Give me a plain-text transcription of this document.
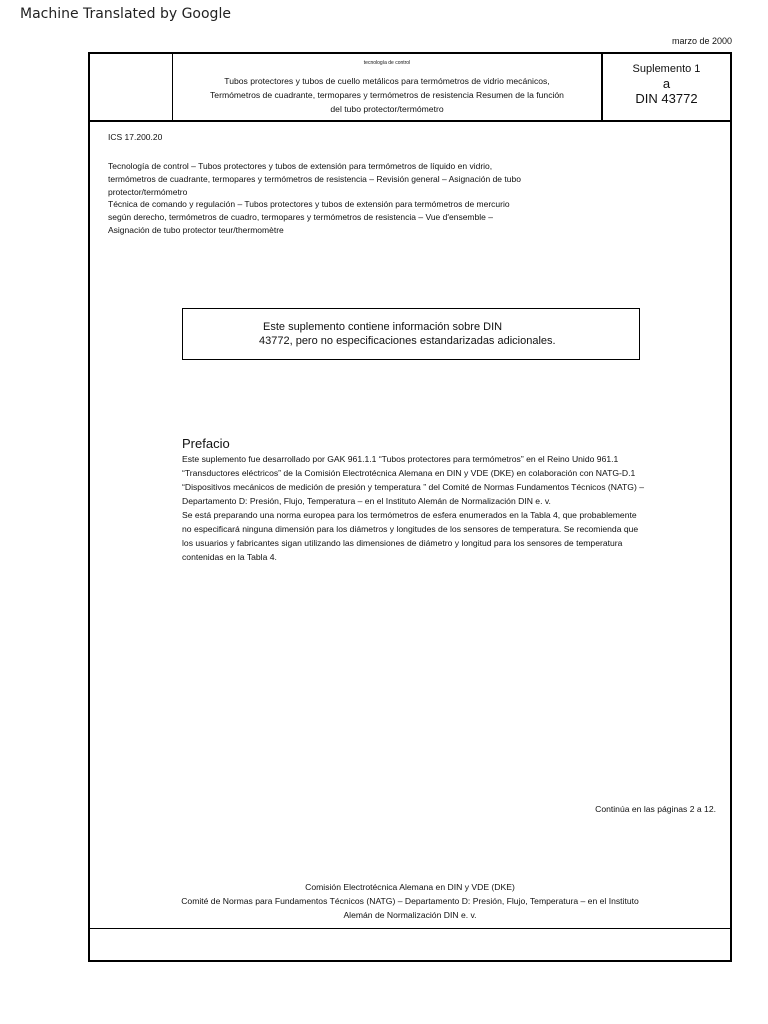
Machine Translated by Google
marzo de 2000
tecnología de control
Tubos protectores y tubos de cuello metálicos para termómetros de vidrio mecánicos,
Termómetros de cuadrante, termopares y termómetros de resistencia Resumen de la función
del tubo protector/termómetro
Suplemento 1
a
DIN 43772
ICS 17.200.20

Tecnología de control – Tubos protectores y tubos de extensión para termómetros de líquido en vidrio, termómetros de cuadrante, termopares y termómetros de resistencia – Revisión general – Asignación de tubo protector/termómetro

Técnica de comando y regulación – Tubos protectores y tubos de extensión para termómetros de mercurio según derecho, termómetros de cuadro, termopares y termómetros de resistencia – Vue d'ensemble – Asignación de tubo protector teur/thermomètre

Este suplemento contiene información sobre DIN
43772, pero no especificaciones estandarizadas adicionales.
Prefacio

Este suplemento fue desarrollado por GAK 961.1.1 “Tubos protectores para termómetros” en el Reino Unido 961.1 “Transductores eléctricos” de la Comisión Electrotécnica Alemana en DIN y VDE (DKE) en colaboración con NATG-D.1 “Dispositivos mecánicos de medición de presión y temperatura ” del Comité de Normas Fundamentos Técnicos (NATG) – Departamento D: Presión, Flujo, Temperatura – en el Instituto Alemán de Normalización DIN e. v.

Se está preparando una norma europea para los termómetros de esfera enumerados en la Tabla 4, que probablemente no especificará ninguna dimensión para los diámetros y longitudes de los sensores de temperatura. Se recomienda que los usuarios y fabricantes sigan utilizando las dimensiones de diámetro y longitud para los sensores de temperatura contenidas en la Tabla 4.

Continúa en las páginas 2 a 12.
Comisión Electrotécnica Alemana en DIN y VDE (DKE)
Comité de Normas para Fundamentos Técnicos (NATG) – Departamento D: Presión, Flujo, Temperatura – en el Instituto
Alemán de Normalización DIN e. v.
